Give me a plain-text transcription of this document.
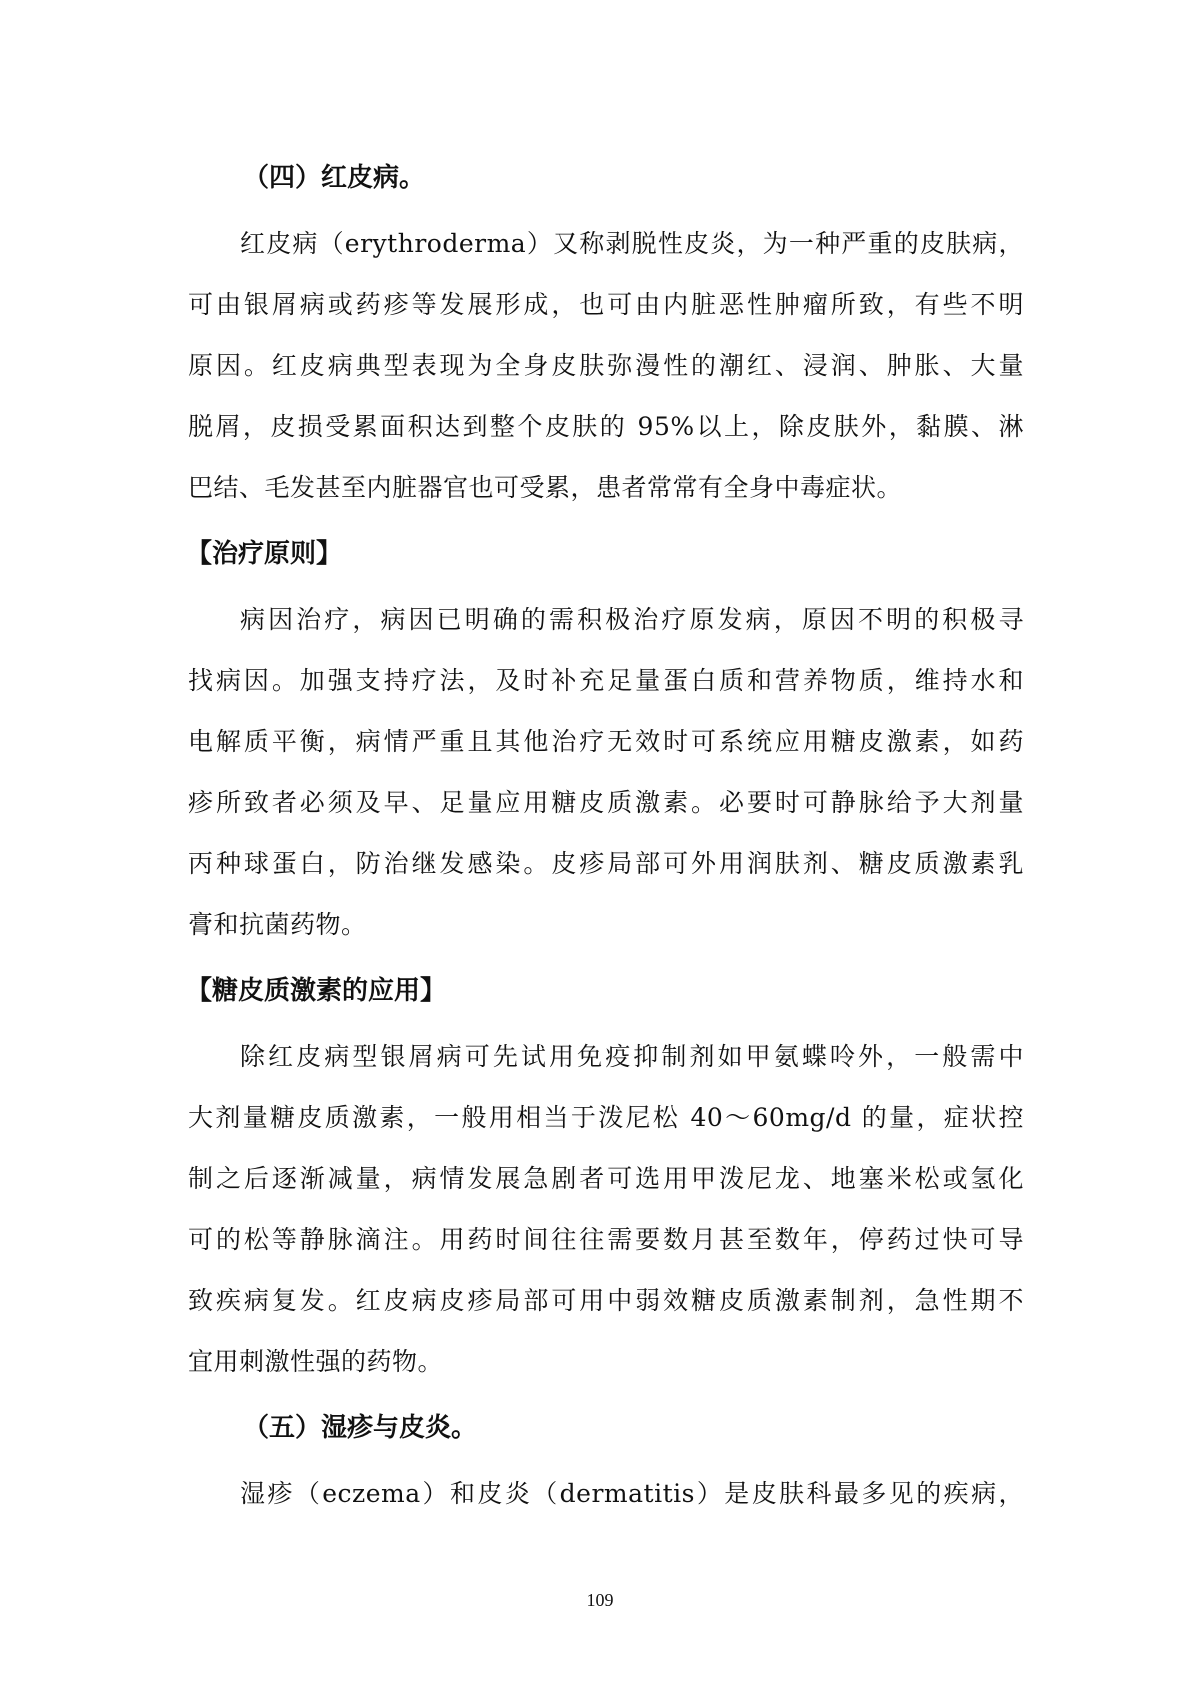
（四）红皮病。
红皮病（erythroderma）又称剥脱性皮炎，为一种严重的皮肤病，
可由银屑病或药疹等发展形成，也可由内脏恶性肿瘤所致，有些不明
原因。红皮病典型表现为全身皮肤弥漫性的潮红、浸润、肿胀、大量
脱屑，皮损受累面积达到整个皮肤的 95%以上，除皮肤外，黏膜、淋
巴结、毛发甚至内脏器官也可受累，患者常常有全身中毒症状。
【治疗原则】
病因治疗，病因已明确的需积极治疗原发病，原因不明的积极寻
找病因。加强支持疗法，及时补充足量蛋白质和营养物质，维持水和
电解质平衡，病情严重且其他治疗无效时可系统应用糖皮激素，如药
疹所致者必须及早、足量应用糖皮质激素。必要时可静脉给予大剂量
丙种球蛋白，防治继发感染。皮疹局部可外用润肤剂、糖皮质激素乳
膏和抗菌药物。
【糖皮质激素的应用】
除红皮病型银屑病可先试用免疫抑制剂如甲氨蝶呤外，一般需中
大剂量糖皮质激素，一般用相当于泼尼松 40～60mg/d 的量，症状控
制之后逐渐减量，病情发展急剧者可选用甲泼尼龙、地塞米松或氢化
可的松等静脉滴注。用药时间往往需要数月甚至数年，停药过快可导
致疾病复发。红皮病皮疹局部可用中弱效糖皮质激素制剂，急性期不
宜用刺激性强的药物。
（五）湿疹与皮炎。
湿疹（eczema）和皮炎（dermatitis）是皮肤科最多见的疾病，
109
